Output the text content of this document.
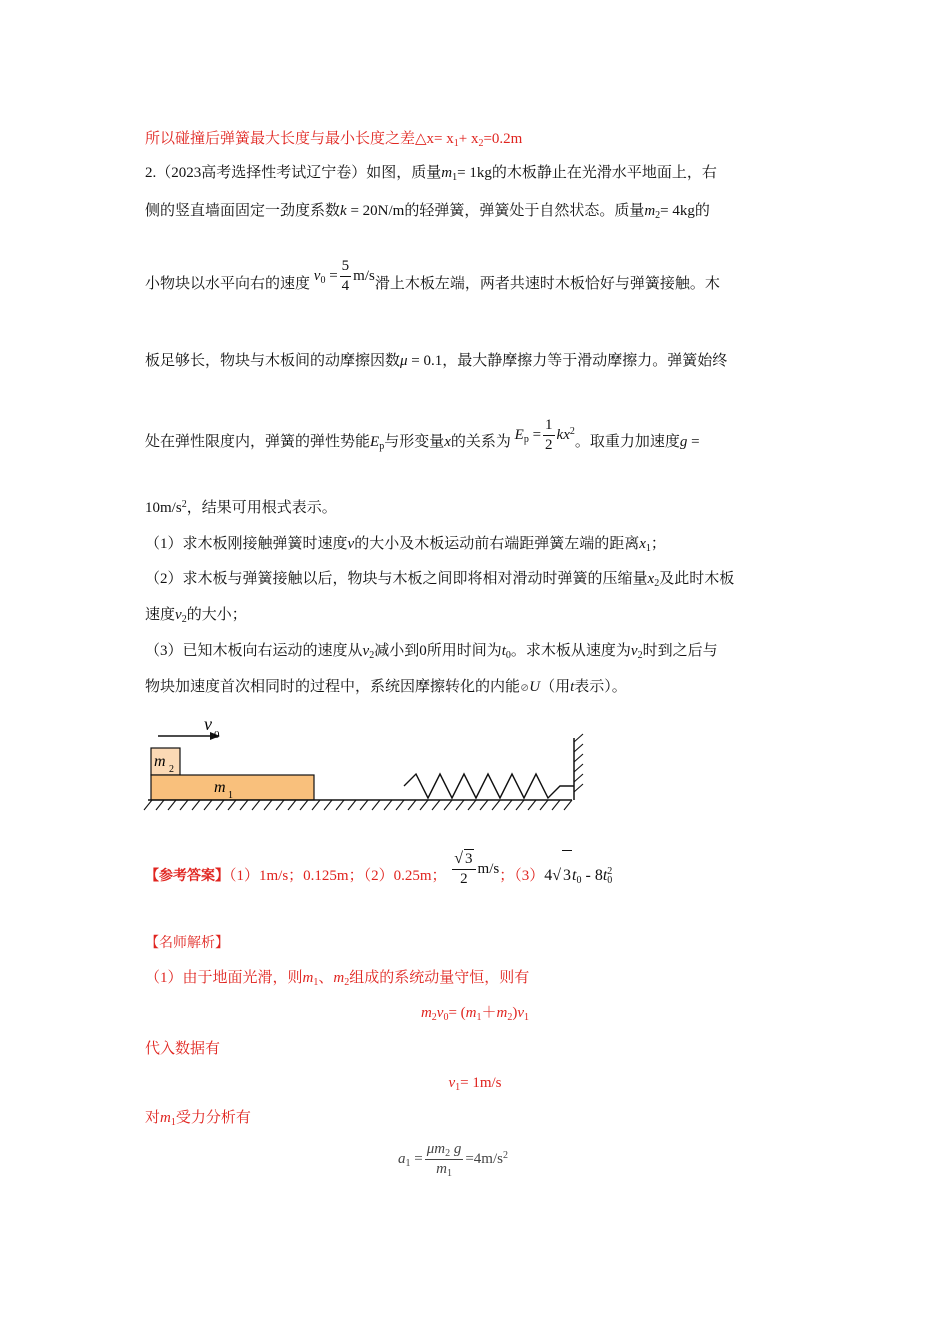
所以碰撞后弹簧最大长度与最小长度之差△x= $x_1+ x_2=0.2m$
2.（2023高考选择性考试辽宁卷）如图，质量$m_1= 1kg$的木板静止在光滑水平地面上，右
侧的竖直墙面固定一劲度系数k = 20N/m的轻弹簧，弹簧处于自然状态。质量$m_2= 4kg$的
小物块以水平向右的速度 $v_0 = \frac{5}{4} m/s$滑上木板左端，两者共速时木板恰好与弹簧接触。木
板足够长，物块与木板间的动摩擦因数μ = 0.1，最大静摩擦力等于滑动摩擦力。弹簧始终
处在弹性限度内，弹簧的弹性势能$E_p$与形变量x的关系为 $E_p = \frac{1}{2} kx^2$。取重力加速度g =
$10m/s^2$，结果可用根式表示。
（1）求木板刚接触弹簧时速度v的大小及木板运动前右端距弹簧左端的距离$x_1$；
（2）求木板与弹簧接触以后，物块与木板之间即将相对滑动时弹簧的压缩量$x_2$及此时木板
速度$v_2$的大小；
（3）已知木板向右运动的速度从$v_2$减小到0所用时间为$t_0$。求木板从速度为$v_2$时到之后与
物块加速度首次相同时的过程中，系统因摩擦转化的内能⊘U（用t表示）。
v
0
m 2
m 1
【参考答案】（1）1m/s；0.125m；（2）0.25m； $\frac{√ 3}{2} m/s$；（3）4√ $3t_0 - 8t$ 2
0
【名师解析】
（1）由于地面光滑，则$m_1$、$m_2$组成的系统动量守恒，则有
$m_2v_0= (m_1+m_2)v_1$
代入数据有
$v_1= 1m/s$
对$m_1$受力分析有
$a_1 = \frac{\mu m_2 g}{m_1} =4m/s^2$
